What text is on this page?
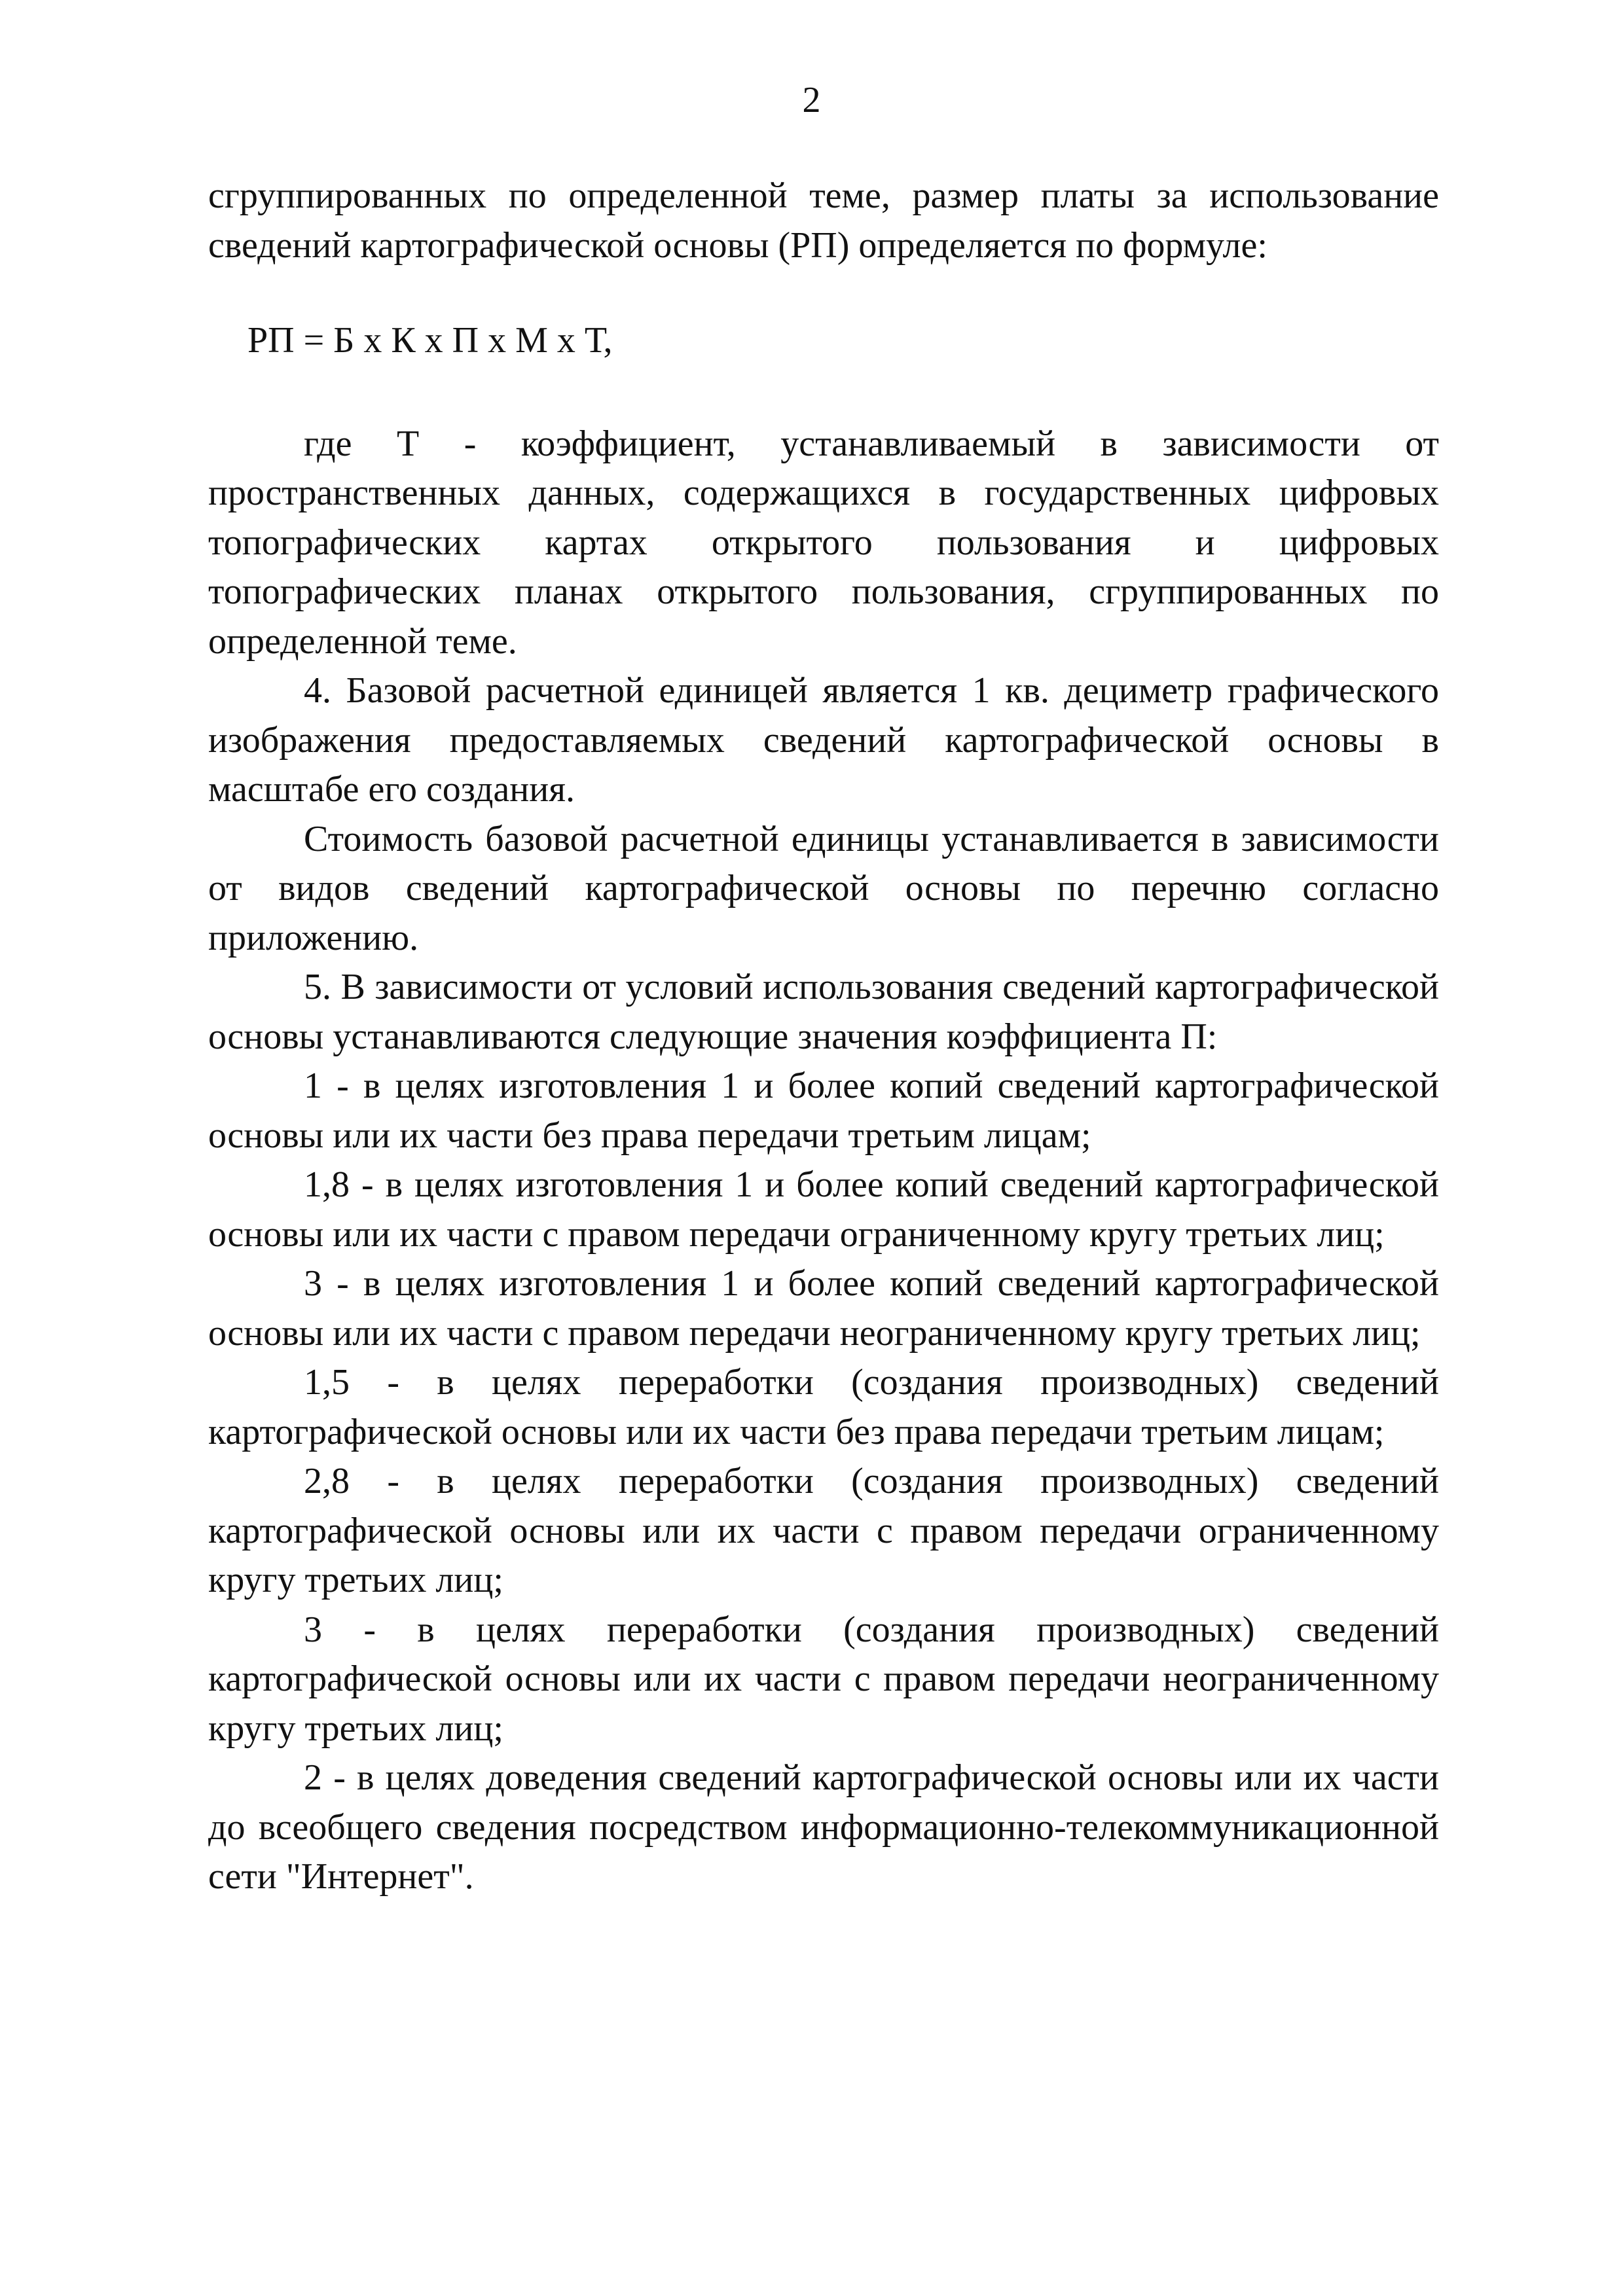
2

сгруппированных по определенной теме, размер платы за использование сведений картографической основы (РП) определяется по формуле:

РП = Б х К х П х М х Т,

где Т - коэффициент, устанавливаемый в зависимости от пространственных данных, содержащихся в государственных цифровых топографических картах открытого пользования и цифровых топографических планах открытого пользования, сгруппированных по определенной теме.

4. Базовой расчетной единицей является 1 кв. дециметр графического изображения предоставляемых сведений картографической основы в масштабе его создания.

Стоимость базовой расчетной единицы устанавливается в зависимости от видов сведений картографической основы по перечню согласно приложению.

5. В зависимости от условий использования сведений картографической основы устанавливаются следующие значения коэффициента П:

1 - в целях изготовления 1 и более копий сведений картографической основы или их части без права передачи третьим лицам;

1,8 - в целях изготовления 1 и более копий сведений картографической основы или их части с правом передачи ограниченному кругу третьих лиц;

3 - в целях изготовления 1 и более копий сведений картографической основы или их части с правом передачи неограниченному кругу третьих лиц;

1,5 - в целях переработки (создания производных) сведений картографической основы или их части без права передачи третьим лицам;

2,8 - в целях переработки (создания производных) сведений картографической основы или их части с правом передачи ограниченному кругу третьих лиц;

3 - в целях переработки (создания производных) сведений картографической основы или их части с правом передачи неограниченному кругу третьих лиц;

2 - в целях доведения сведений картографической основы или их части до всеобщего сведения посредством информационно-телекоммуникационной сети "Интернет".
